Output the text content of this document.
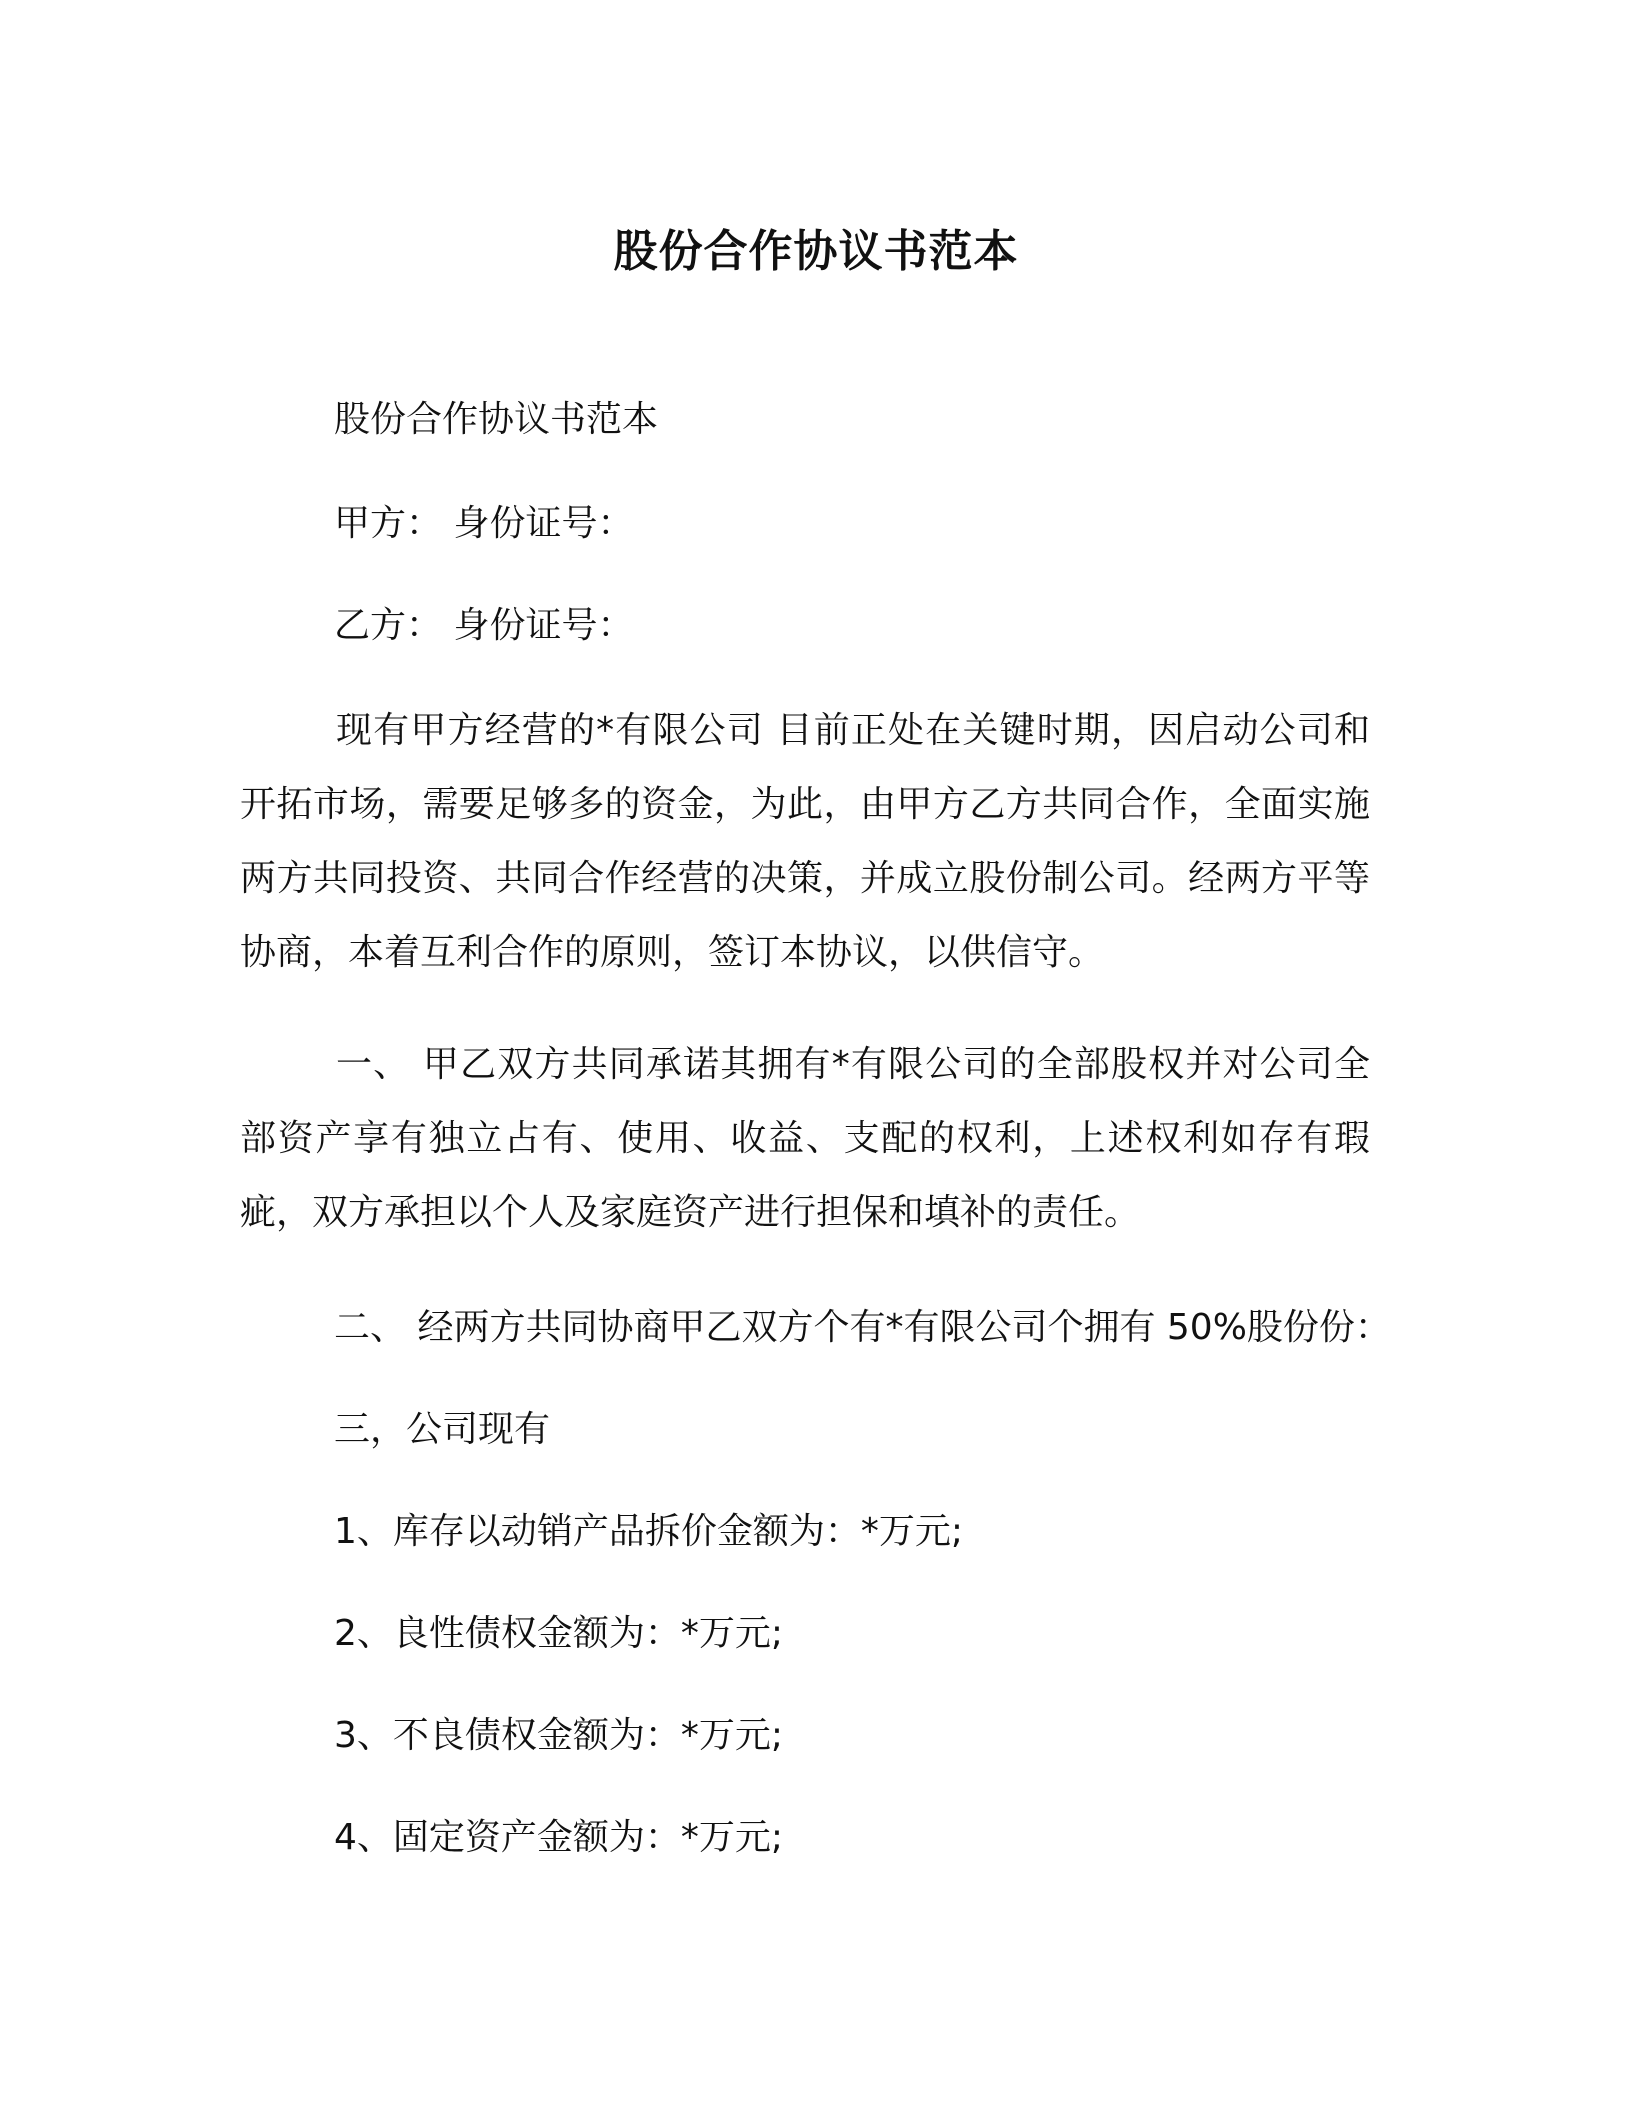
股份合作协议书范本
股份合作协议书范本
甲方： 身份证号：
乙方： 身份证号：

现有甲方经营的*有限公司 目前正处在关键时期，因启动公司和开拓市场，需要足够多的资金，为此，由甲方乙方共同合作，全面实施两方共同投资、共同合作经营的决策，并成立股份制公司。经两方平等协商，本着互利合作的原则，签订本协议，以供信守。

一、 甲乙双方共同承诺其拥有*有限公司的全部股权并对公司全部资产享有独立占有、使用、收益、支配的权利，上述权利如存有瑕疵，双方承担以个人及家庭资产进行担保和填补的责任。

二、 经两方共同协商甲乙双方个有*有限公司个拥有 50%股份份：
三，公司现有
1、库存以动销产品拆价金额为：*万元;
2、良性债权金额为：*万元;
3、不良债权金额为：*万元;
4、固定资产金额为：*万元;
